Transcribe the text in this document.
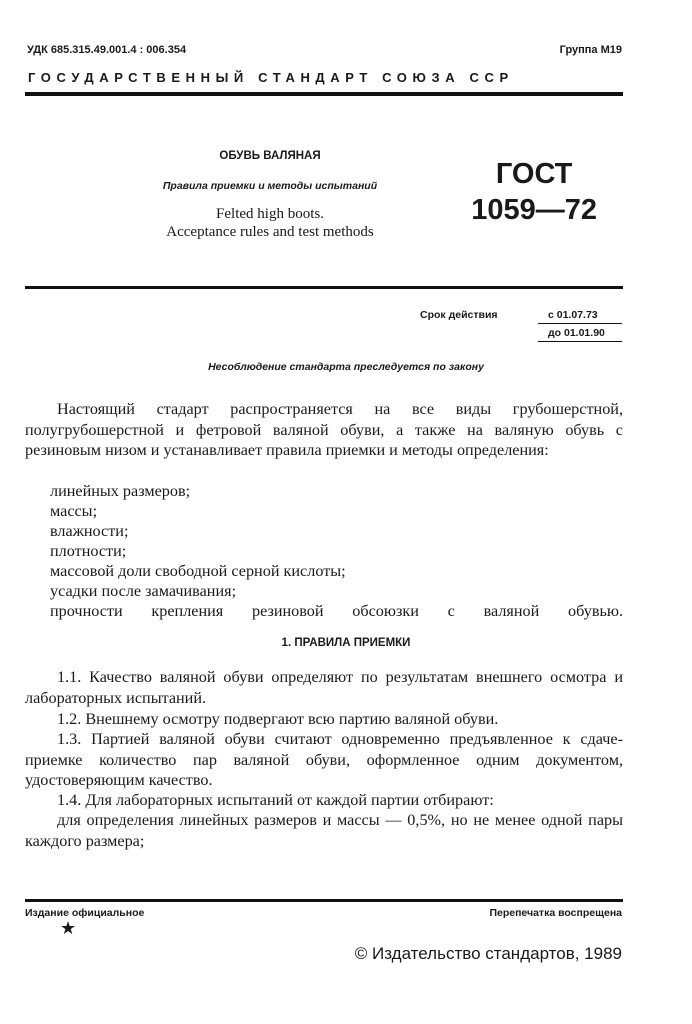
УДК 685.315.49.001.4 : 006.354	Группа М19
ГОСУДАРСТВЕННЫЙ СТАНДАРТ СОЮЗА ССР
ОБУВЬ ВАЛЯНАЯ
Правила приемки и методы испытаний
Felted high boots.
Acceptance rules and test methods
ГОСТ
1059—72
Срок действия	с 01.07.73
до 01.01.90
Несоблюдение стандарта преследуется по закону
Настоящий стадарт распространяется на все виды грубошерстной, полугрубошерстной и фетровой валяной обуви, а также на валяную обувь с резиновым низом и устанавливает правила приемки и методы определения:
линейных размеров;
массы;
влажности;
плотности;
массовой доли свободной серной кислоты;
усадки после замачивания;
прочности крепления резиновой обсоюзки с валяной обувью.
1. ПРАВИЛА ПРИЕМКИ
1.1. Качество валяной обуви определяют по результатам внешнего осмотра и лабораторных испытаний.
1.2. Внешнему осмотру подвергают всю партию валяной обуви.
1.3. Партией валяной обуви считают одновременно предъявленное к сдаче-приемке количество пар валяной обуви, оформленное одним документом, удостоверяющим качество.
1.4. Для лабораторных испытаний от каждой партии отбирают:
для определения линейных размеров и массы — 0,5%, но не менее одной пары каждого размера;
Издание официальное
★
Перепечатка воспрещена
© Издательство стандартов, 1989
